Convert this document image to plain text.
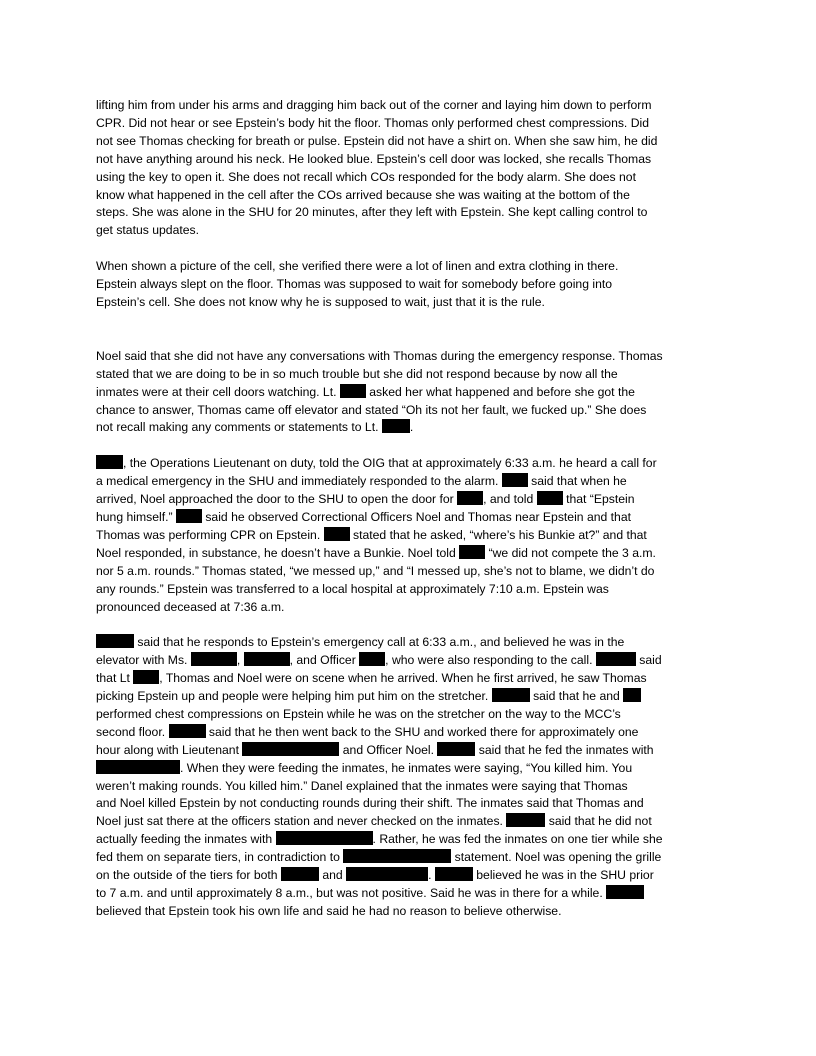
lifting him from under his arms and dragging him back out of the corner and laying him down to perform
CPR. Did not hear or see Epstein’s body hit the floor. Thomas only performed chest compressions. Did
not see Thomas checking for breath or pulse. Epstein did not have a shirt on. When she saw him, he did
not have anything around his neck. He looked blue. Epstein’s cell door was locked, she recalls Thomas
using the key to open it. She does not recall which COs responded for the body alarm. She does not
know what happened in the cell after the COs arrived because she was waiting at the bottom of the
steps. She was alone in the SHU for 20 minutes, after they left with Epstein. She kept calling control to
get status updates.
When shown a picture of the cell, she verified there were a lot of linen and extra clothing in there.
Epstein always slept on the floor. Thomas was supposed to wait for somebody before going into
Epstein’s cell. She does not know why he is supposed to wait, just that it is the rule.
Noel said that she did not have any conversations with Thomas during the emergency response. Thomas
stated that we are doing to be in so much trouble but she did not respond because by now all the
inmates were at their cell doors watching. Lt.	asked her what happened and before she got the
chance to answer, Thomas came off elevator and stated “Oh its not her fault, we fucked up.” She does
not recall making any comments or statements to Lt.	.
, the Operations Lieutenant on duty, told the OIG that at approximately 6:33 a.m. he heard a call for
a medical emergency in the SHU and immediately responded to the alarm.	said that when he
arrived, Noel approached the door to the SHU to open the door for , and told	that “Epstein
hung himself.”	said he observed Correctional Officers Noel and Thomas near Epstein and that
Thomas was performing CPR on Epstein.	stated that he asked, “where’s his Bunkie at?” and that
Noel responded, in substance, he doesn’t have a Bunkie. Noel told	“we did not compete the 3 a.m.
nor 5 a.m. rounds.” Thomas stated, “we messed up,” and “I messed up, she’s not to blame, we didn’t do
any rounds.” Epstein was transferred to a local hospital at approximately 7:10 a.m. Epstein was
pronounced deceased at 7:36 a.m.
said that he responds to Epstein’s emergency call at 6:33 a.m., and believed he was in the
elevator with Ms.	,	, and Officer , who were also responding to the call.	said
that Lt , Thomas and Noel were on scene when he arrived. When he first arrived, he saw Thomas
picking Epstein up and people were helping him put him on the stretcher.	said that he and
performed chest compressions on Epstein while he was on the stretcher on the way to the MCC’s
second floor.	said that he then went back to the SHU and worked there for approximately one
hour along with Lieutenant	and Officer Noel.	said that he fed the inmates with
. When they were feeding the inmates, he inmates were saying, “You killed him. You
weren’t making rounds. You killed him.” Danel explained that the inmates were saying that Thomas
and Noel killed Epstein by not conducting rounds during their shift. The inmates said that Thomas and
Noel just sat there at the officers station and never checked on the inmates.	said that he did not
actually feeding the inmates with	. Rather, he was fed the inmates on one tier while she
fed them on separate tiers, in contradiction to	statement. Noel was opening the grille
on the outside of the tiers for both	and	.	believed he was in the SHU prior
to 7 a.m. and until approximately 8 a.m., but was not positive. Said he was in there for a while.
believed that Epstein took his own life and said he had no reason to believe otherwise.
